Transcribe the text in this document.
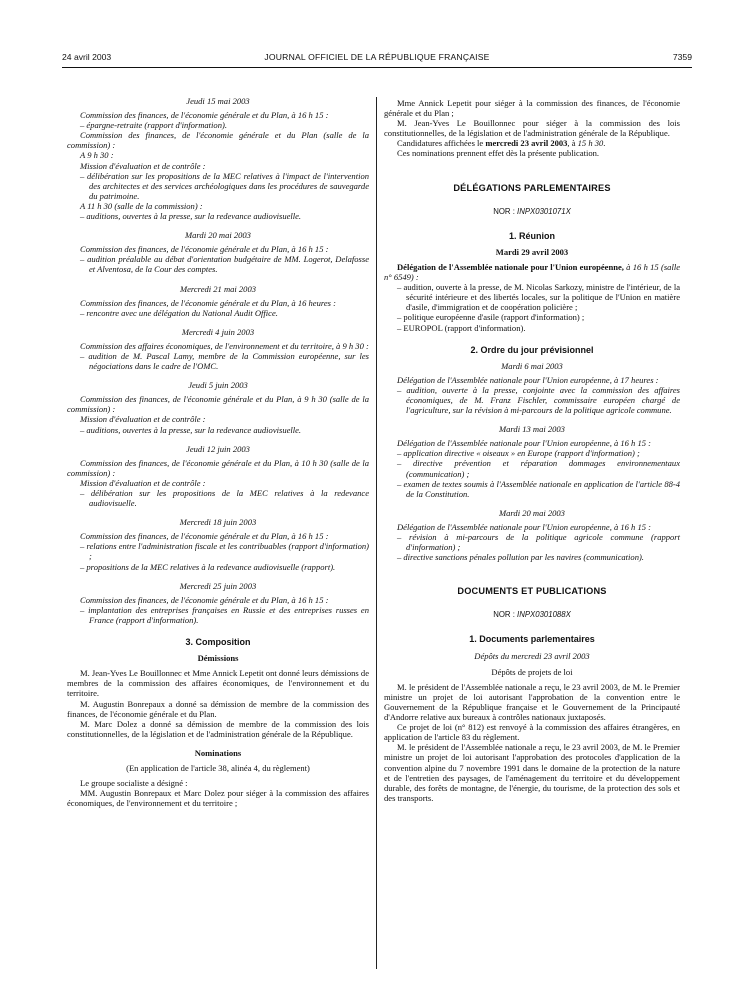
24 avril 2003	JOURNAL OFFICIEL DE LA RÉPUBLIQUE FRANÇAISE	7359

Jeudi 15 mai 2003

Commission des finances, de l'économie générale et du Plan, à 16 h 15 :

– épargne-retraite (rapport d'information).

Commission des finances, de l'économie générale et du Plan (salle de la commission) :

A 9 h 30 :

Mission d'évaluation et de contrôle :

– délibération sur les propositions de la MEC relatives à l'impact de l'intervention des architectes et des services archéologiques dans les procédures de sauvegarde du patrimoine.

A 11 h 30 (salle de la commission) :

– auditions, ouvertes à la presse, sur la redevance audiovisuelle.

Mardi 20 mai 2003

Commission des finances, de l'économie générale et du Plan, à 16 h 15 :

– audition préalable au débat d'orientation budgétaire de MM. Logerot, Delafosse et Alventosa, de la Cour des comptes.

Mercredi 21 mai 2003

Commission des finances, de l'économie générale et du Plan, à 16 heures :

– rencontre avec une délégation du National Audit Office.

Mercredi 4 juin 2003

Commission des affaires économiques, de l'environnement et du territoire, à 9 h 30 :

– audition de M. Pascal Lamy, membre de la Commission européenne, sur les négociations dans le cadre de l'OMC.

Jeudi 5 juin 2003

Commission des finances, de l'économie générale et du Plan, à 9 h 30 (salle de la commission) :

Mission d'évaluation et de contrôle :

– auditions, ouvertes à la presse, sur la redevance audiovisuelle.

Jeudi 12 juin 2003

Commission des finances, de l'économie générale et du Plan, à 10 h 30 (salle de la commission) :

Mission d'évaluation et de contrôle :

– délibération sur les propositions de la MEC relatives à la redevance audiovisuelle.

Mercredi 18 juin 2003

Commission des finances, de l'économie générale et du Plan, à 16 h 15 :

– relations entre l'administration fiscale et les contribuables (rapport d'information) ;

– propositions de la MEC relatives à la redevance audiovisuelle (rapport).

Mercredi 25 juin 2003

Commission des finances, de l'économie générale et du Plan, à 16 h 15 :

– implantation des entreprises françaises en Russie et des entreprises russes en France (rapport d'information).

3. Composition

Démissions

M. Jean-Yves Le Bouillonnec et Mme Annick Lepetit ont donné leurs démissions de membres de la commission des affaires économiques, de l'environnement et du territoire.

M. Augustin Bonrepaux a donné sa démission de membre de la commission des finances, de l'économie générale et du Plan.

M. Marc Dolez a donné sa démission de membre de la commission des lois constitutionnelles, de la législation et de l'administration générale de la République.

Nominations

(En application de l'article 38, alinéa 4, du règlement)

Le groupe socialiste a désigné :

MM. Augustin Bonrepaux et Marc Dolez pour siéger à la commission des affaires économiques, de l'environnement et du territoire ;

Mme Annick Lepetit pour siéger à la commission des finances, de l'économie générale et du Plan ;

M. Jean-Yves Le Bouillonnec pour siéger à la commission des lois constitutionnelles, de la législation et de l'administration générale de la République.

Candidatures affichées le mercredi 23 avril 2003, à 15 h 30.

Ces nominations prennent effet dès la présente publication.

DÉLÉGATIONS PARLEMENTAIRES

NOR : INPX0301071X

1. Réunion

Mardi 29 avril 2003

Délégation de l'Assemblée nationale pour l'Union européenne, à 16 h 15 (salle n° 6549) :

– audition, ouverte à la presse, de M. Nicolas Sarkozy, ministre de l'intérieur, de la sécurité intérieure et des libertés locales, sur la politique de l'Union en matière d'asile, d'immigration et de coopération policière ;

– politique européenne d'asile (rapport d'information) ;

– EUROPOL (rapport d'information).

2. Ordre du jour prévisionnel

Mardi 6 mai 2003

Délégation de l'Assemblée nationale pour l'Union européenne, à 17 heures :

– audition, ouverte à la presse, conjointe avec la commission des affaires économiques, de M. Franz Fischler, commissaire européen chargé de l'agriculture, sur la révision à mi-parcours de la politique agricole commune.

Mardi 13 mai 2003

Délégation de l'Assemblée nationale pour l'Union européenne, à 16 h 15 :

– application directive « oiseaux » en Europe (rapport d'information) ;

– directive prévention et réparation dommages environnementaux (communication) ;

– examen de textes soumis à l'Assemblée nationale en application de l'article 88-4 de la Constitution.

Mardi 20 mai 2003

Délégation de l'Assemblée nationale pour l'Union européenne, à 16 h 15 :

– révision à mi-parcours de la politique agricole commune (rapport d'information) ;

– directive sanctions pénales pollution par les navires (communication).

DOCUMENTS ET PUBLICATIONS

NOR : INPX0301088X

1. Documents parlementaires

Dépôts du mercredi 23 avril 2003

Dépôts de projets de loi

M. le président de l'Assemblée nationale a reçu, le 23 avril 2003, de M. le Premier ministre un projet de loi autorisant l'approbation de la convention entre le Gouvernement de la République française et le Gouvernement de la Principauté d'Andorre relative aux bureaux à contrôles nationaux juxtaposés.

Ce projet de loi (n° 812) est renvoyé à la commission des affaires étrangères, en application de l'article 83 du règlement.

M. le président de l'Assemblée nationale a reçu, le 23 avril 2003, de M. le Premier ministre un projet de loi autorisant l'approbation des protocoles d'application de la convention alpine du 7 novembre 1991 dans le domaine de la protection de la nature et de l'entretien des paysages, de l'aménagement du territoire et du développement durable, des forêts de montagne, de l'énergie, du tourisme, de la protection des sols et des transports.
